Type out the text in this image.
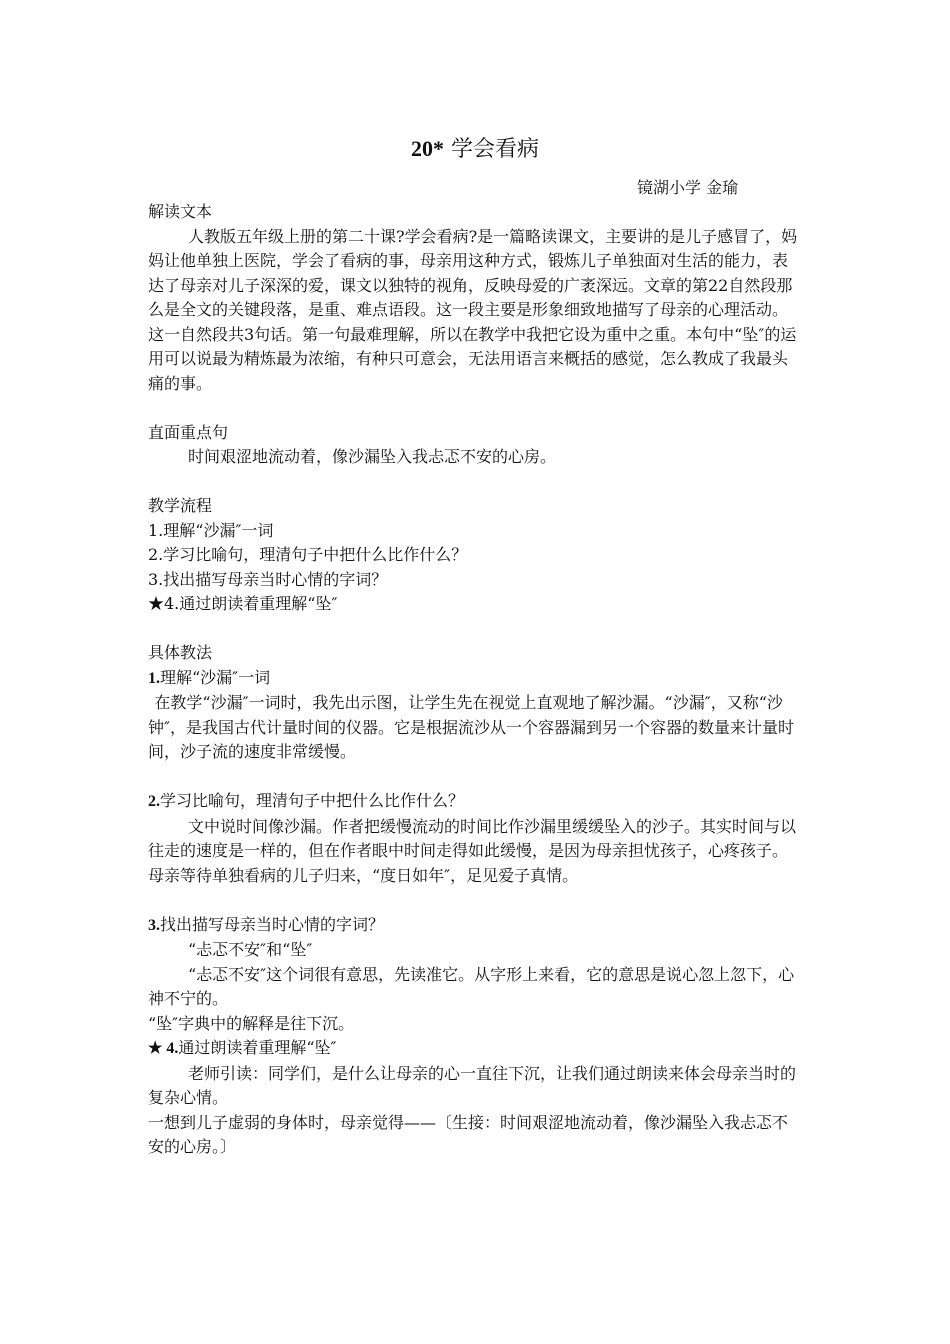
20* 学会看病
镜湖小学 金瑜

解读文本

人教版五年级上册的第二十课?学会看病?是一篇略读课文，主要讲的是儿子感冒了，妈妈让他单独上医院，学会了看病的事，母亲用这种方式，锻炼儿子单独面对生活的能力，表达了母亲对儿子深深的爱，课文以独特的视角，反映母爱的广袤深远。文章的第22自然段那么是全文的关键段落，是重、难点语段。这一段主要是形象细致地描写了母亲的心理活动。这一自然段共3句话。第一句最难理解，所以在教学中我把它设为重中之重。本句中“坠″的运用可以说最为精炼最为浓缩，有种只可意会，无法用语言来概括的感觉，怎么教成了我最头痛的事。

直面重点句

时间艰涩地流动着，像沙漏坠入我忐忑不安的心房。

教学流程

1.理解“沙漏″一词

2.学习比喻句，理清句子中把什么比作什么？

3.找出描写母亲当时心情的字词？

★4.通过朗读着重理解“坠″

具体教法

1.理解“沙漏″一词

在教学“沙漏″一词时，我先出示图，让学生先在视觉上直观地了解沙漏。“沙漏″，又称“沙钟″，是我国古代计量时间的仪器。它是根据流沙从一个容器漏到另一个容器的数量来计量时间，沙子流的速度非常缓慢。

2.学习比喻句，理清句子中把什么比作什么？

文中说时间像沙漏。作者把缓慢流动的时间比作沙漏里缓缓坠入的沙子。其实时间与以往走的速度是一样的，但在作者眼中时间走得如此缓慢，是因为母亲担忧孩子，心疼孩子。母亲等待单独看病的儿子归来，“度日如年″，足见爱子真情。

3.找出描写母亲当时心情的字词？

“忐忑不安″和“坠″

“忐忑不安″这个词很有意思，先读准它。从字形上来看，它的意思是说心忽上忽下，心神不宁的。

“坠″字典中的解释是往下沉。

★ 4.通过朗读着重理解“坠″

老师引读：同学们，是什么让母亲的心一直往下沉，让我们通过朗读来体会母亲当时的复杂心情。

一想到儿子虚弱的身体时，母亲觉得——〔生接：时间艰涩地流动着，像沙漏坠入我忐忑不安的心房。〕
